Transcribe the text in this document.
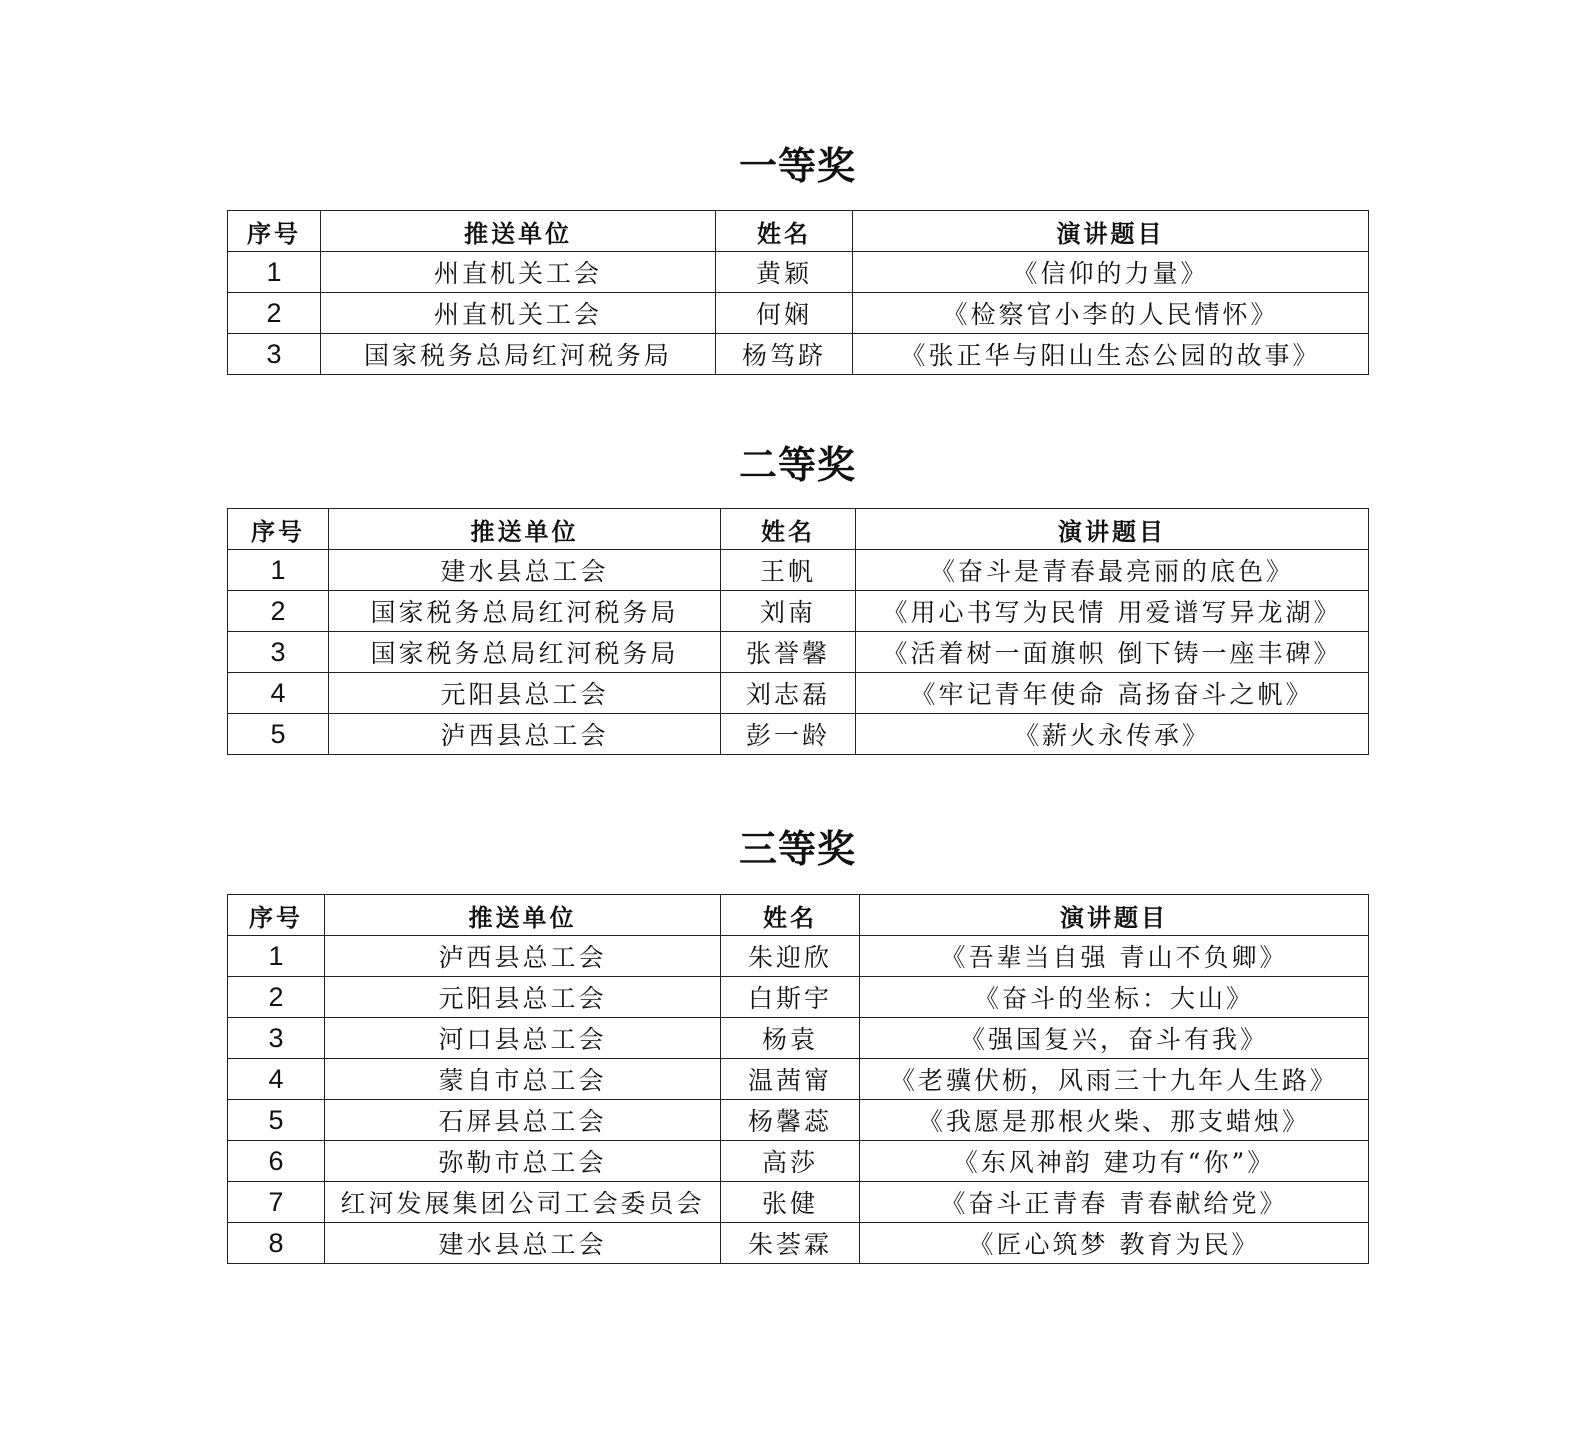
一等奖
序号	推送单位	姓名	演讲题目
1	州直机关工会	黄颖	《信仰的力量》
2	州直机关工会	何娴	《检察官小李的人民情怀》
3	国家税务总局红河税务局	杨笃跻	《张正华与阳山生态公园的故事》
二等奖
序号	推送单位	姓名	演讲题目
1	建水县总工会	王帆	《奋斗是青春最亮丽的底色》
2	国家税务总局红河税务局	刘南	《用心书写为民情 用爱谱写异龙湖》
3	国家税务总局红河税务局	张誉馨	《活着树一面旗帜 倒下铸一座丰碑》
4	元阳县总工会	刘志磊	《牢记青年使命 高扬奋斗之帆》
5	泸西县总工会	彭一龄	《薪火永传承》
三等奖
序号	推送单位	姓名	演讲题目
1	泸西县总工会	朱迎欣	《吾辈当自强 青山不负卿》
2	元阳县总工会	白斯宇	《奋斗的坐标：大山》
3	河口县总工会	杨袁	《强国复兴，奋斗有我》
4	蒙自市总工会	温茜甯	《老骥伏枥，风雨三十九年人生路》
5	石屏县总工会	杨馨蕊	《我愿是那根火柴、那支蜡烛》
6	弥勒市总工会	高莎	《东风神韵 建功有“你”》
7	红河发展集团公司工会委员会	张健	《奋斗正青春 青春献给党》
8	建水县总工会	朱荟霖	《匠心筑梦 教育为民》
